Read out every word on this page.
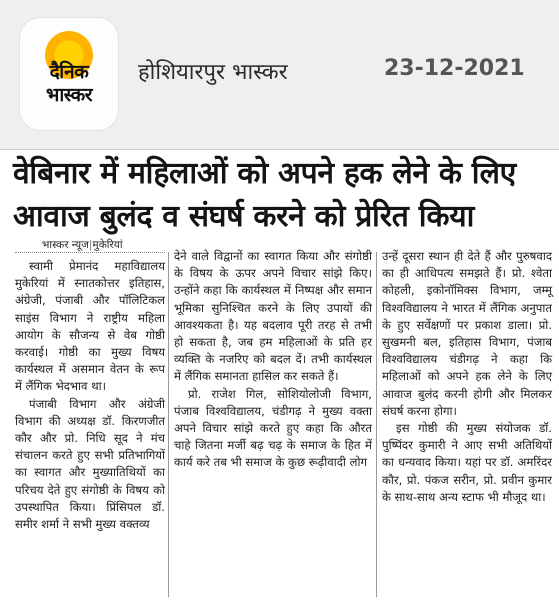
दैनिक
भास्कर
होशियारपुर भास्कर	23-12-2021
वेबिनार में महिलाओं को अपने हक लेने के लिए
आवाज बुलंद व संघर्ष करने को प्रेरित किया
भास्कर न्यूज|मुकेरियां

स्वामी प्रेमानंद महाविद्यालय मुकेरियां में स्नातकोत्तर इतिहास, अंग्रेजी, पंजाबी और पॉलिटिकल साइंस विभाग ने राष्ट्रीय महिला आयोग के सौजन्य से वेब गोष्ठी करवाई। गोष्ठी का मुख्य विषय कार्यस्थल में असमान वेतन के रूप में लैंगिक भेदभाव था।

पंजाबी विभाग और अंग्रेजी विभाग की अध्यक्ष डॉ. किरणजीत कौर और प्रो. निधि सूद ने मंच संचालन करते हुए सभी प्रतिभागियों का स्वागत और मुख्यातिथियों का परिचय देते हुए संगोष्ठी के विषय को उपस्थापित किया। प्रिंसिपल डॉ. समीर शर्मा ने सभी मुख्य वक्तव्य

देने वाले विद्वानों का स्वागत किया और संगोष्ठी के विषय के ऊपर अपने विचार सांझे किए। उन्होंने कहा कि कार्यस्थल में निष्पक्ष और समान भूमिका सुनिश्चित करने के लिए उपायों की आवश्यकता है। यह बदलाव पूरी तरह से तभी हो सकता है, जब हम महिलाओं के प्रति हर व्यक्ति के नजरिए को बदल दें। तभी कार्यस्थल में लैंगिक समानता हासिल कर सकते हैं।

प्रो. राजेश गिल, सोशियोलोजी विभाग, पंजाब विश्वविद्यालय, चंडीगढ़ ने मुख्य वक्ता अपने विचार सांझे करते हुए कहा कि औरत चाहे जितना मर्जी बढ़ चढ़ के समाज के हित में कार्य करे तब भी समाज के कुछ रूढ़ीवादी लोग

उन्हें दूसरा स्थान ही देते हैं और पुरुषवाद का ही आधिपत्य समझते हैं। प्रो. श्वेता कोहली, इकोनॉमिक्स विभाग, जम्मू विश्वविद्यालय ने भारत में लैंगिक अनुपात के हुए सर्वेक्षणों पर प्रकाश डाला। प्रो. सुखमनी बल, इतिहास विभाग, पंजाब विश्वविद्यालय चंडीगढ़ ने कहा कि महिलाओं को अपने हक लेने के लिए आवाज बुलंद करनी होगी और मिलकर संघर्ष करना होगा।

इस गोष्ठी की मुख्य संयोजक डॉ. पुष्पिंदर कुमारी ने आए सभी अतिथियों का धन्यवाद किया। यहां पर डॉ. अमरिंदर कौर, प्रो. पंकज सरीन, प्रो. प्रवीन कुमार के साथ-साथ अन्य स्टाफ भी मौजूद था।
